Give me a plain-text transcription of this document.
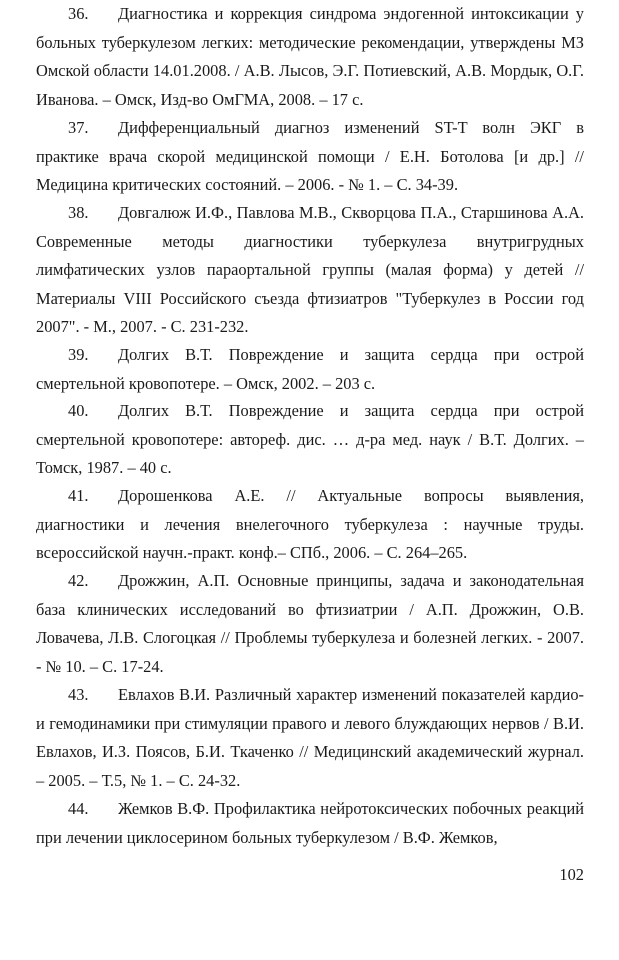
36. Диагностика и коррекция синдрома эндогенной интоксикации у больных туберкулезом легких: методические рекомендации, утверждены МЗ Омской области 14.01.2008. / А.В. Лысов, Э.Г. Потиевский, А.В. Мордык, О.Г. Иванова. – Омск, Изд-во ОмГМА, 2008. – 17 с.

37. Дифференциальный диагноз изменений ST-T волн ЭКГ в практике врача скорой медицинской помощи / Е.Н. Ботолова [и др.] // Медицина критических состояний. – 2006. - № 1. – С. 34-39.

38. Довгалюж И.Ф., Павлова М.В., Скворцова П.А., Старшинова А.А. Современные методы диагностики туберкулеза внутригрудных лимфатических узлов параортальной группы (малая форма) у детей // Материалы VIII Российского съезда фтизиатров "Туберкулез в России год 2007". - М., 2007. - С. 231-232.

39. Долгих В.Т. Повреждение и защита сердца при острой смертельной кровопотере. – Омск, 2002. – 203 с.

40. Долгих В.Т. Повреждение и защита сердца при острой смертельной кровопотере: автореф. дис. … д-ра мед. наук / В.Т. Долгих. – Томск, 1987. – 40 с.

41. Дорошенкова А.Е. // Актуальные вопросы выявления, диагностики и лечения внелегочного туберкулеза : научные труды. всероссийской научн.-практ. конф.– СПб., 2006. – С. 264–265.

42. Дрожжин, А.П. Основные принципы, задача и законодательная база клинических исследований во фтизиатрии / А.П. Дрожжин, О.В. Ловачева, Л.В. Слогоцкая // Проблемы туберкулеза и болезней легких. - 2007. - № 10. – С. 17-24.

43. Евлахов В.И. Различный характер изменений показателей кардио- и гемодинамики при стимуляции правого и левого блуждающих нервов / В.И. Евлахов, И.З. Поясов, Б.И. Ткаченко // Медицинский академический журнал. – 2005. – Т.5, № 1. – С. 24-32.

44. Жемков В.Ф. Профилактика нейротоксических побочных реакций при лечении циклосерином больных туберкулезом / В.Ф. Жемков,

102
